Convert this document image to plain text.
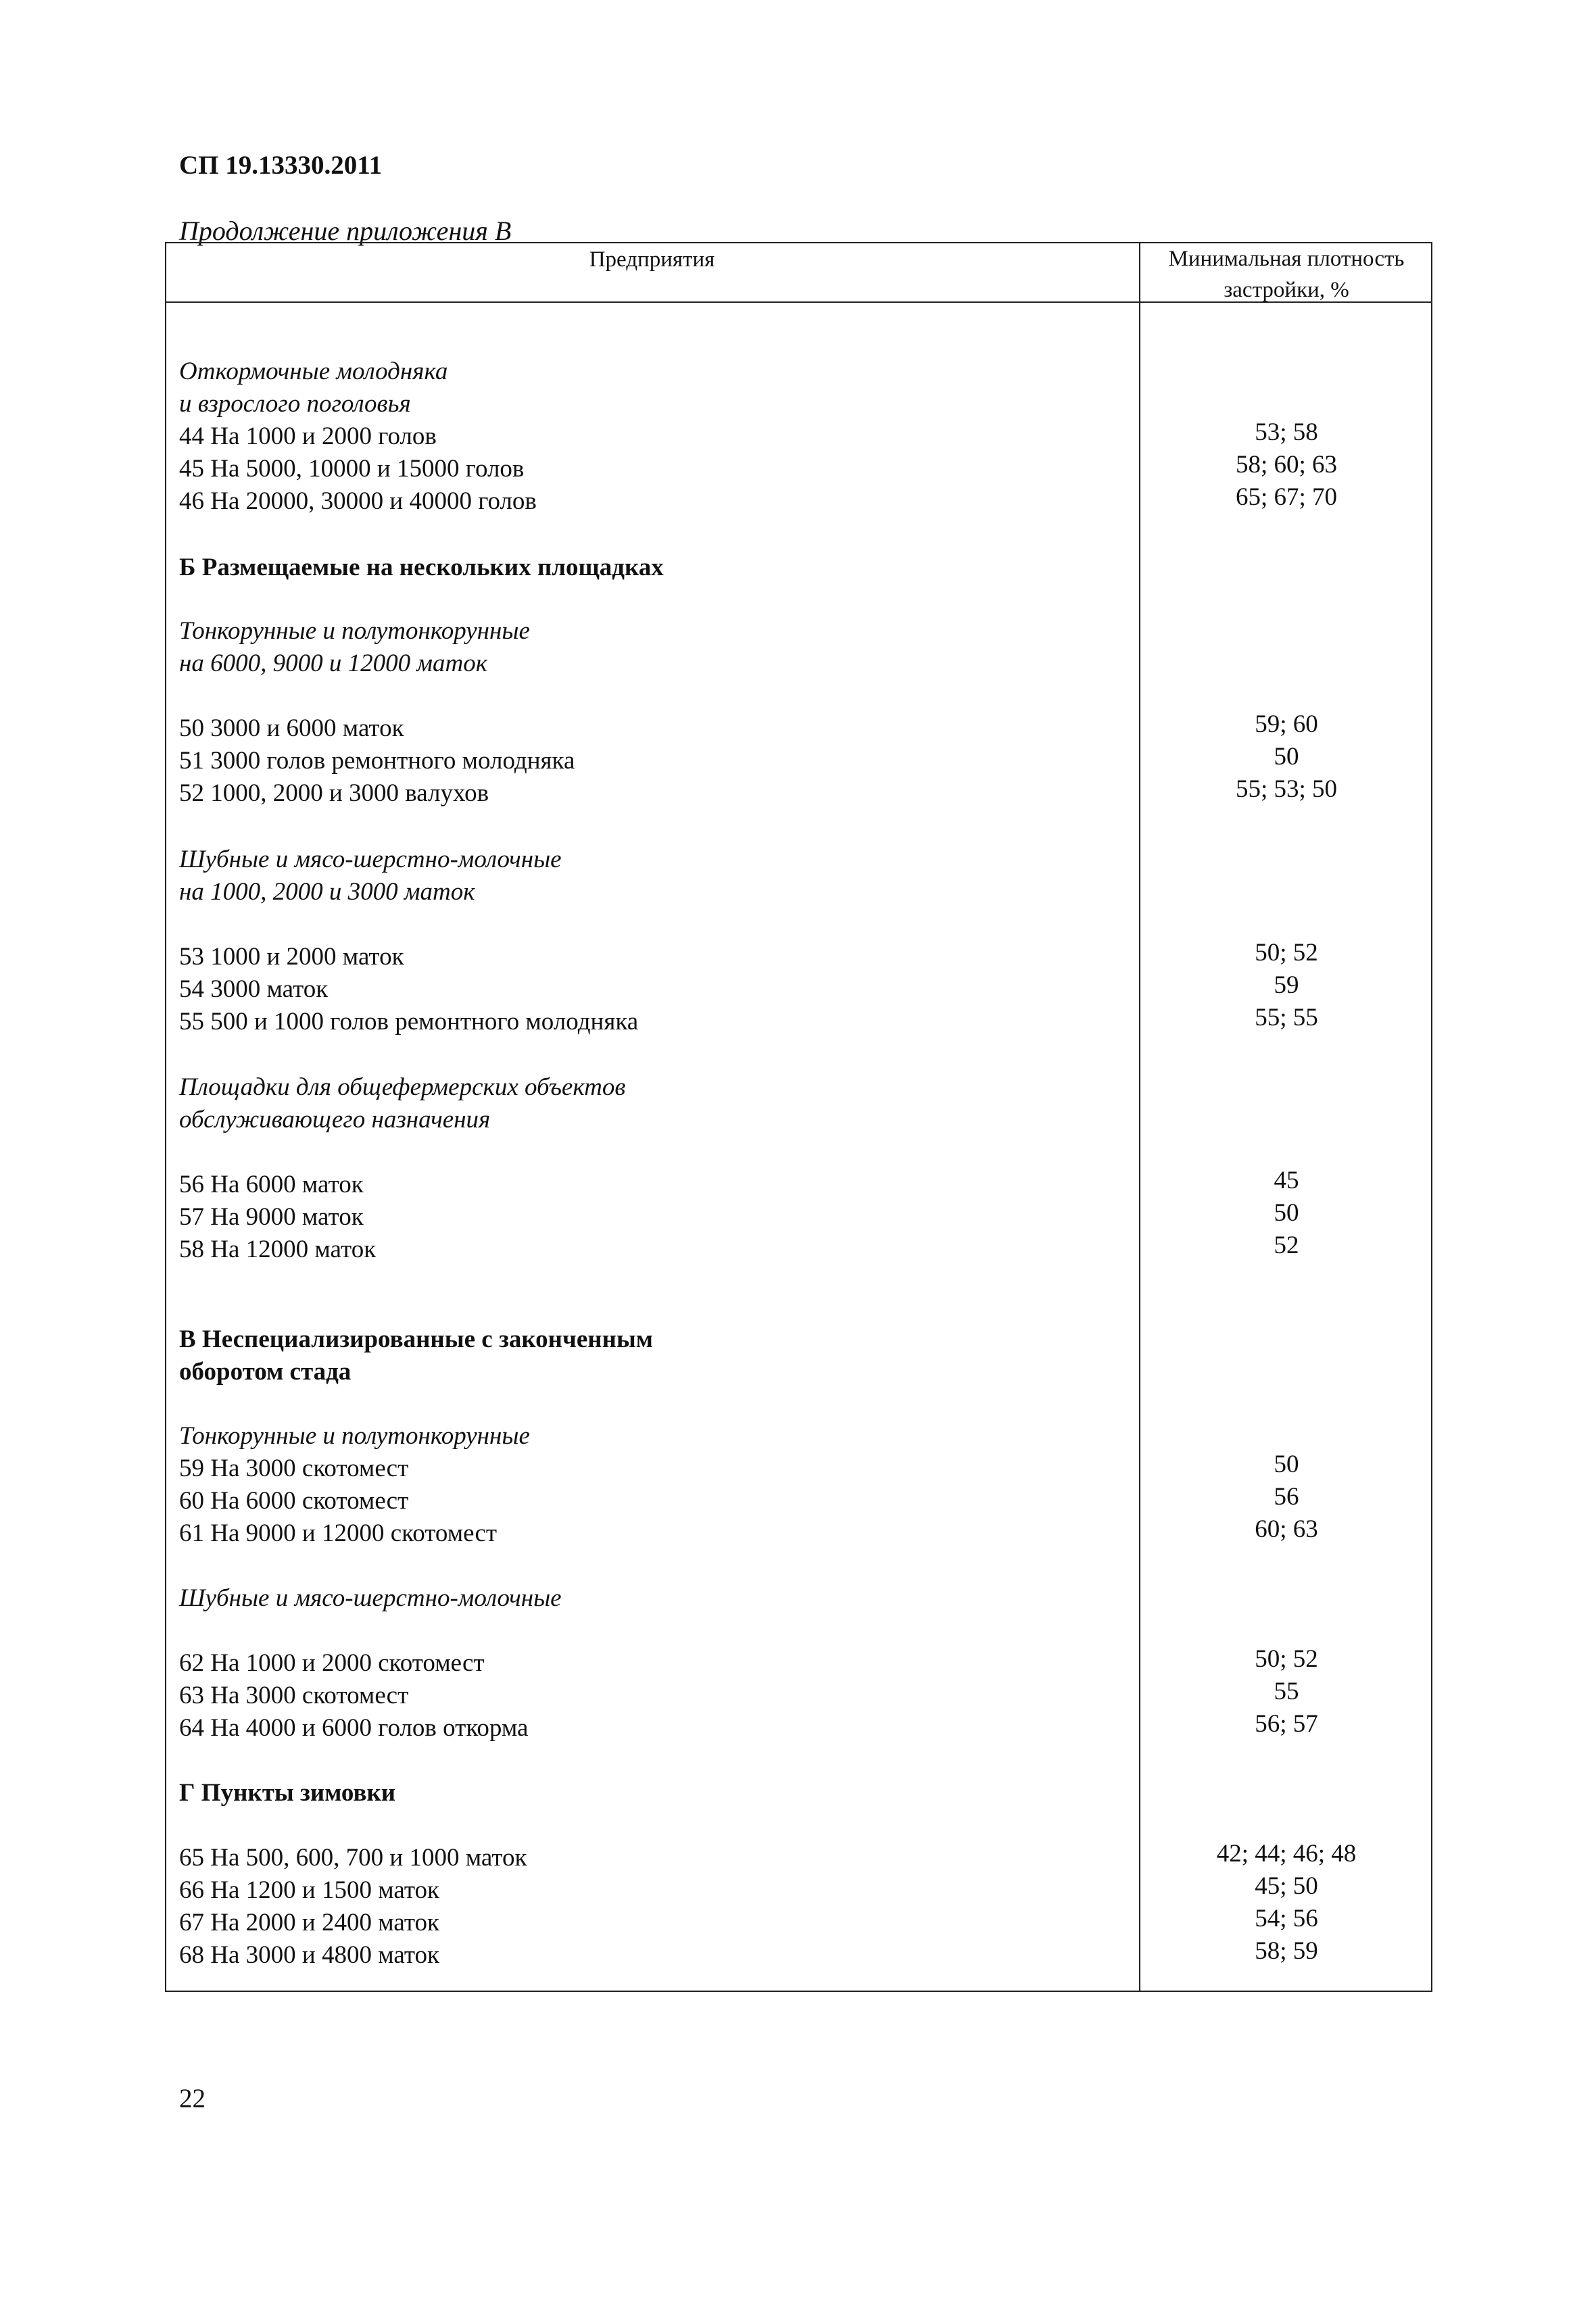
СП 19.13330.2011
Продолжение приложения В
Предприятия	Минимальная плотность застройки, %
Откормочные молодняка
и взрослого поголовья
44 На 1000 и 2000 голов	53; 58
45 На 5000, 10000 и 15000 голов	58; 60; 63
46 На 20000, 30000 и 40000 голов	65; 67; 70
Б Размещаемые на нескольких площадках
Тонкорунные и полутонкорунные
на 6000, 9000 и 12000 маток
50 3000 и 6000 маток	59; 60
51 3000 голов ремонтного молодняка	50
52 1000, 2000 и 3000 валухов	55; 53; 50
Шубные и мясо-шерстно-молочные
на 1000, 2000 и 3000 маток
53 1000 и 2000 маток	50; 52
54 3000 маток	59
55 500 и 1000 голов ремонтного молодняка	55; 55
Площадки для общефермерских объектов
обслуживающего назначения
56 На 6000 маток	45
57 На 9000 маток	50
58 На 12000 маток	52
В Неспециализированные с законченным
оборотом стада
Тонкорунные и полутонкорунные
59 На 3000 скотомест	50
60 На 6000 скотомест	56
61 На 9000 и 12000 скотомест	60; 63
Шубные и мясо-шерстно-молочные
62 На 1000 и 2000 скотомест	50; 52
63 На 3000 скотомест	55
64 На 4000 и 6000 голов откорма	56; 57
Г Пункты зимовки
65 На 500, 600, 700 и 1000 маток	42; 44; 46; 48
66 На 1200 и 1500 маток	45; 50
67 На 2000 и 2400 маток	54; 56
68 На 3000 и 4800 маток	58; 59
22
